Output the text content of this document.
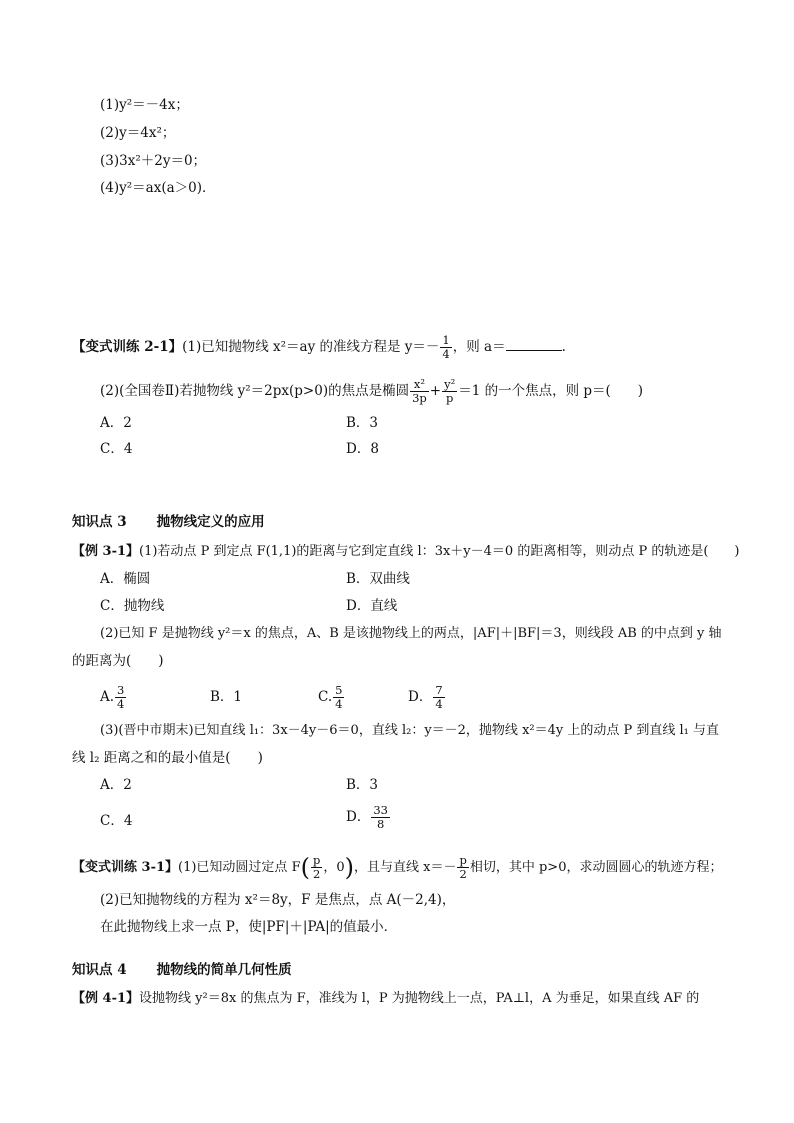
(1)y²＝－4x；
(2)y＝4x²；
(3)3x²＋2y＝0；
(4)y²＝ax(a＞0)．
【变式训练 2-1】(1)已知抛物线 x²＝ay 的准线方程是 $y=- \frac{1}{4}$ ，则 a＝	.
(2)(全国卷Ⅱ)若抛物线 y²＝2px(p>0)的焦点是椭圆 $\frac{\text{x²}}{3p} + \frac{\text{y²}}{p} =1$ 的一个焦点，则 p＝(　　)
A．2	B．3
C．4	D．8
知识点 3 抛物线定义的应用
【例 3-1】(1)若动点 P 到定点 F(1,1)的距离与它到定直线 l：3x＋y－4＝0 的距离相等，则动点 P 的轨迹是(　　)
A．椭圆	B．双曲线
C．抛物线	D．直线
(2)已知 F 是抛物线 y²＝x 的焦点，A、B 是该抛物线上的两点，|AF|＋|BF|＝3，则线段 AB 的中点到 y 轴
的距离为(　　)
A. $\frac{3}{4}$	B．1	C. $\frac{5}{4}$	D． $\frac{7}{4}$
(3)(晋中市期末)已知直线 l₁：3x－4y－6＝0，直线 l₂：y＝－2，抛物线 x²＝4y 上的动点 P 到直线 l₁ 与直
线 l₂ 距离之和的最小值是(　　)
A．2	B．3
C．4	D． $\frac{33}{8}$
【变式训练 3-1】(1)已知动圆过定点 $F( \frac{p}{2}$ ，0)，且与直线 $x=- \frac{p}{2}$ 相切，其中 p>0，求动圆圆心的轨迹方程；
(2)已知抛物线的方程为 x²＝8y，F 是焦点，点 A(－2,4)，
在此抛物线上求一点 P，使|PF|＋|PA|的值最小．
知识点 4 抛物线的简单几何性质
【例 4-1】设抛物线 y²＝8x 的焦点为 F，准线为 l，P 为抛物线上一点，PA⊥l，A 为垂足，如果直线 AF 的
